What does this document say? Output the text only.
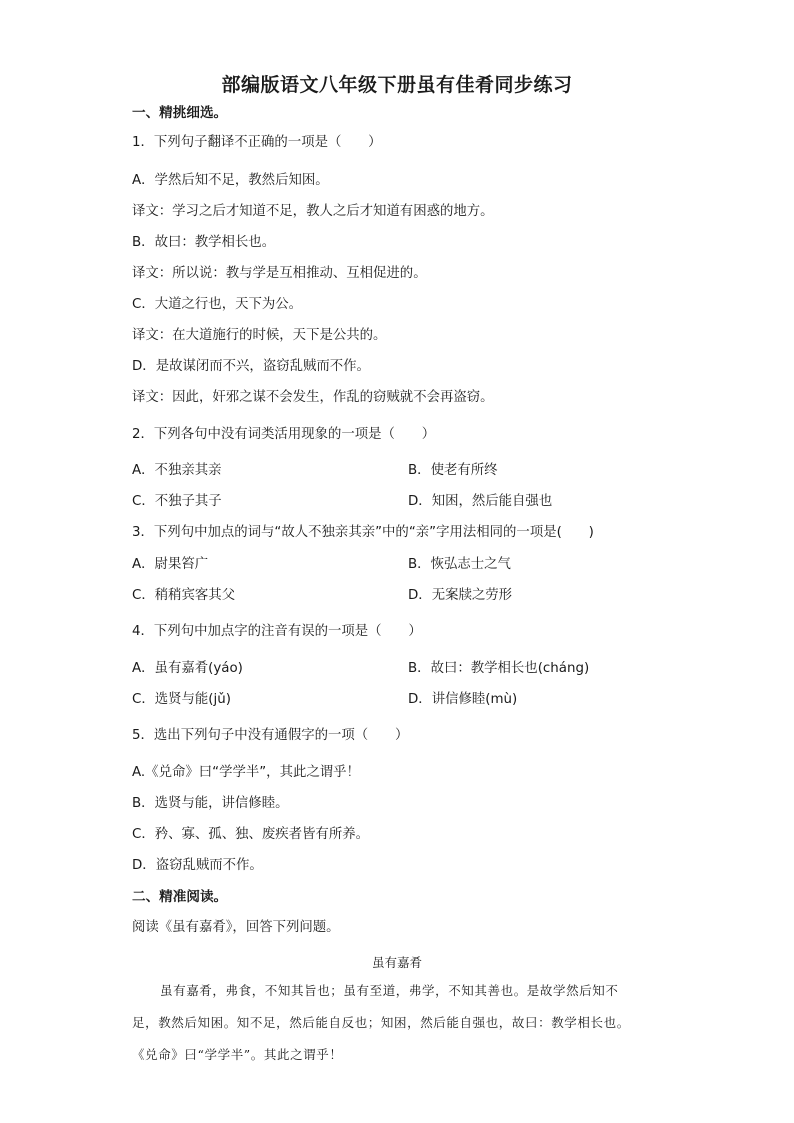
部编版语文八年级下册虽有佳肴同步练习
一、精挑细选。
1．下列句子翻译不正确的一项是（　　）
A．学然后知不足，教然后知困。
译文：学习之后才知道不足，教人之后才知道有困惑的地方。
B．故曰：教学相长也。
译文：所以说：教与学是互相推动、互相促进的。
C．大道之行也，天下为公。
译文：在大道施行的时候，天下是公共的。
D．是故谋闭而不兴，盗窃乱贼而不作。
译文：因此，奸邪之谋不会发生，作乱的窃贼就不会再盗窃。
2．下列各句中没有词类活用现象的一项是（　　）
A．不独亲其亲	B．使老有所终
C．不独子其子	D．知困，然后能自强也
3．下列句中加点的词与“故人不独亲其亲”中的“亲”字用法相同的一项是(　　)
A．尉果笞广	B．恢弘志士之气
C．稍稍宾客其父	D．无案牍之劳形
4．下列句中加点字的注音有误的一项是（　　）
A．虽有嘉肴(yáo)	B．故曰：教学相长也(cháng)
C．选贤与能(jǔ)	D．讲信修睦(mù)
5．选出下列句子中没有通假字的一项（　　）
A.《兑命》曰“学学半”，其此之谓乎！
B．选贤与能，讲信修睦。
C．矜、寡、孤、独、废疾者皆有所养。
D．盗窃乱贼而不作。
二、精准阅读。
阅读《虽有嘉肴》，回答下列问题。
虽有嘉肴
虽有嘉肴，弗食，不知其旨也；虽有至道，弗学，不知其善也。是故学然后知不
足，教然后知困。知不足，然后能自反也；知困，然后能自强也，故曰：教学相长也。
《兑命》曰“学学半”。其此之谓乎！
